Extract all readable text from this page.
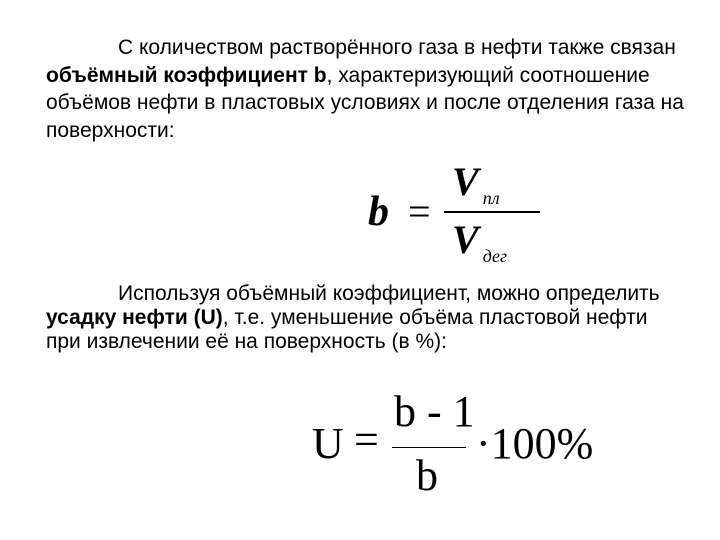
С количеством растворённого газа в нефти также связан объёмный коэффициент b, характеризующий соотношение объёмов нефти в пластовых условиях и после отделения газа на поверхности:

b =
V $_{пл}$
V $_{дег}$

Используя объёмный коэффициент, можно определить усадку нефти (U), т.е. уменьшение объёма пластовой нефти при извлечении её на поверхность (в %):

U =
b - 1
b
·100%
